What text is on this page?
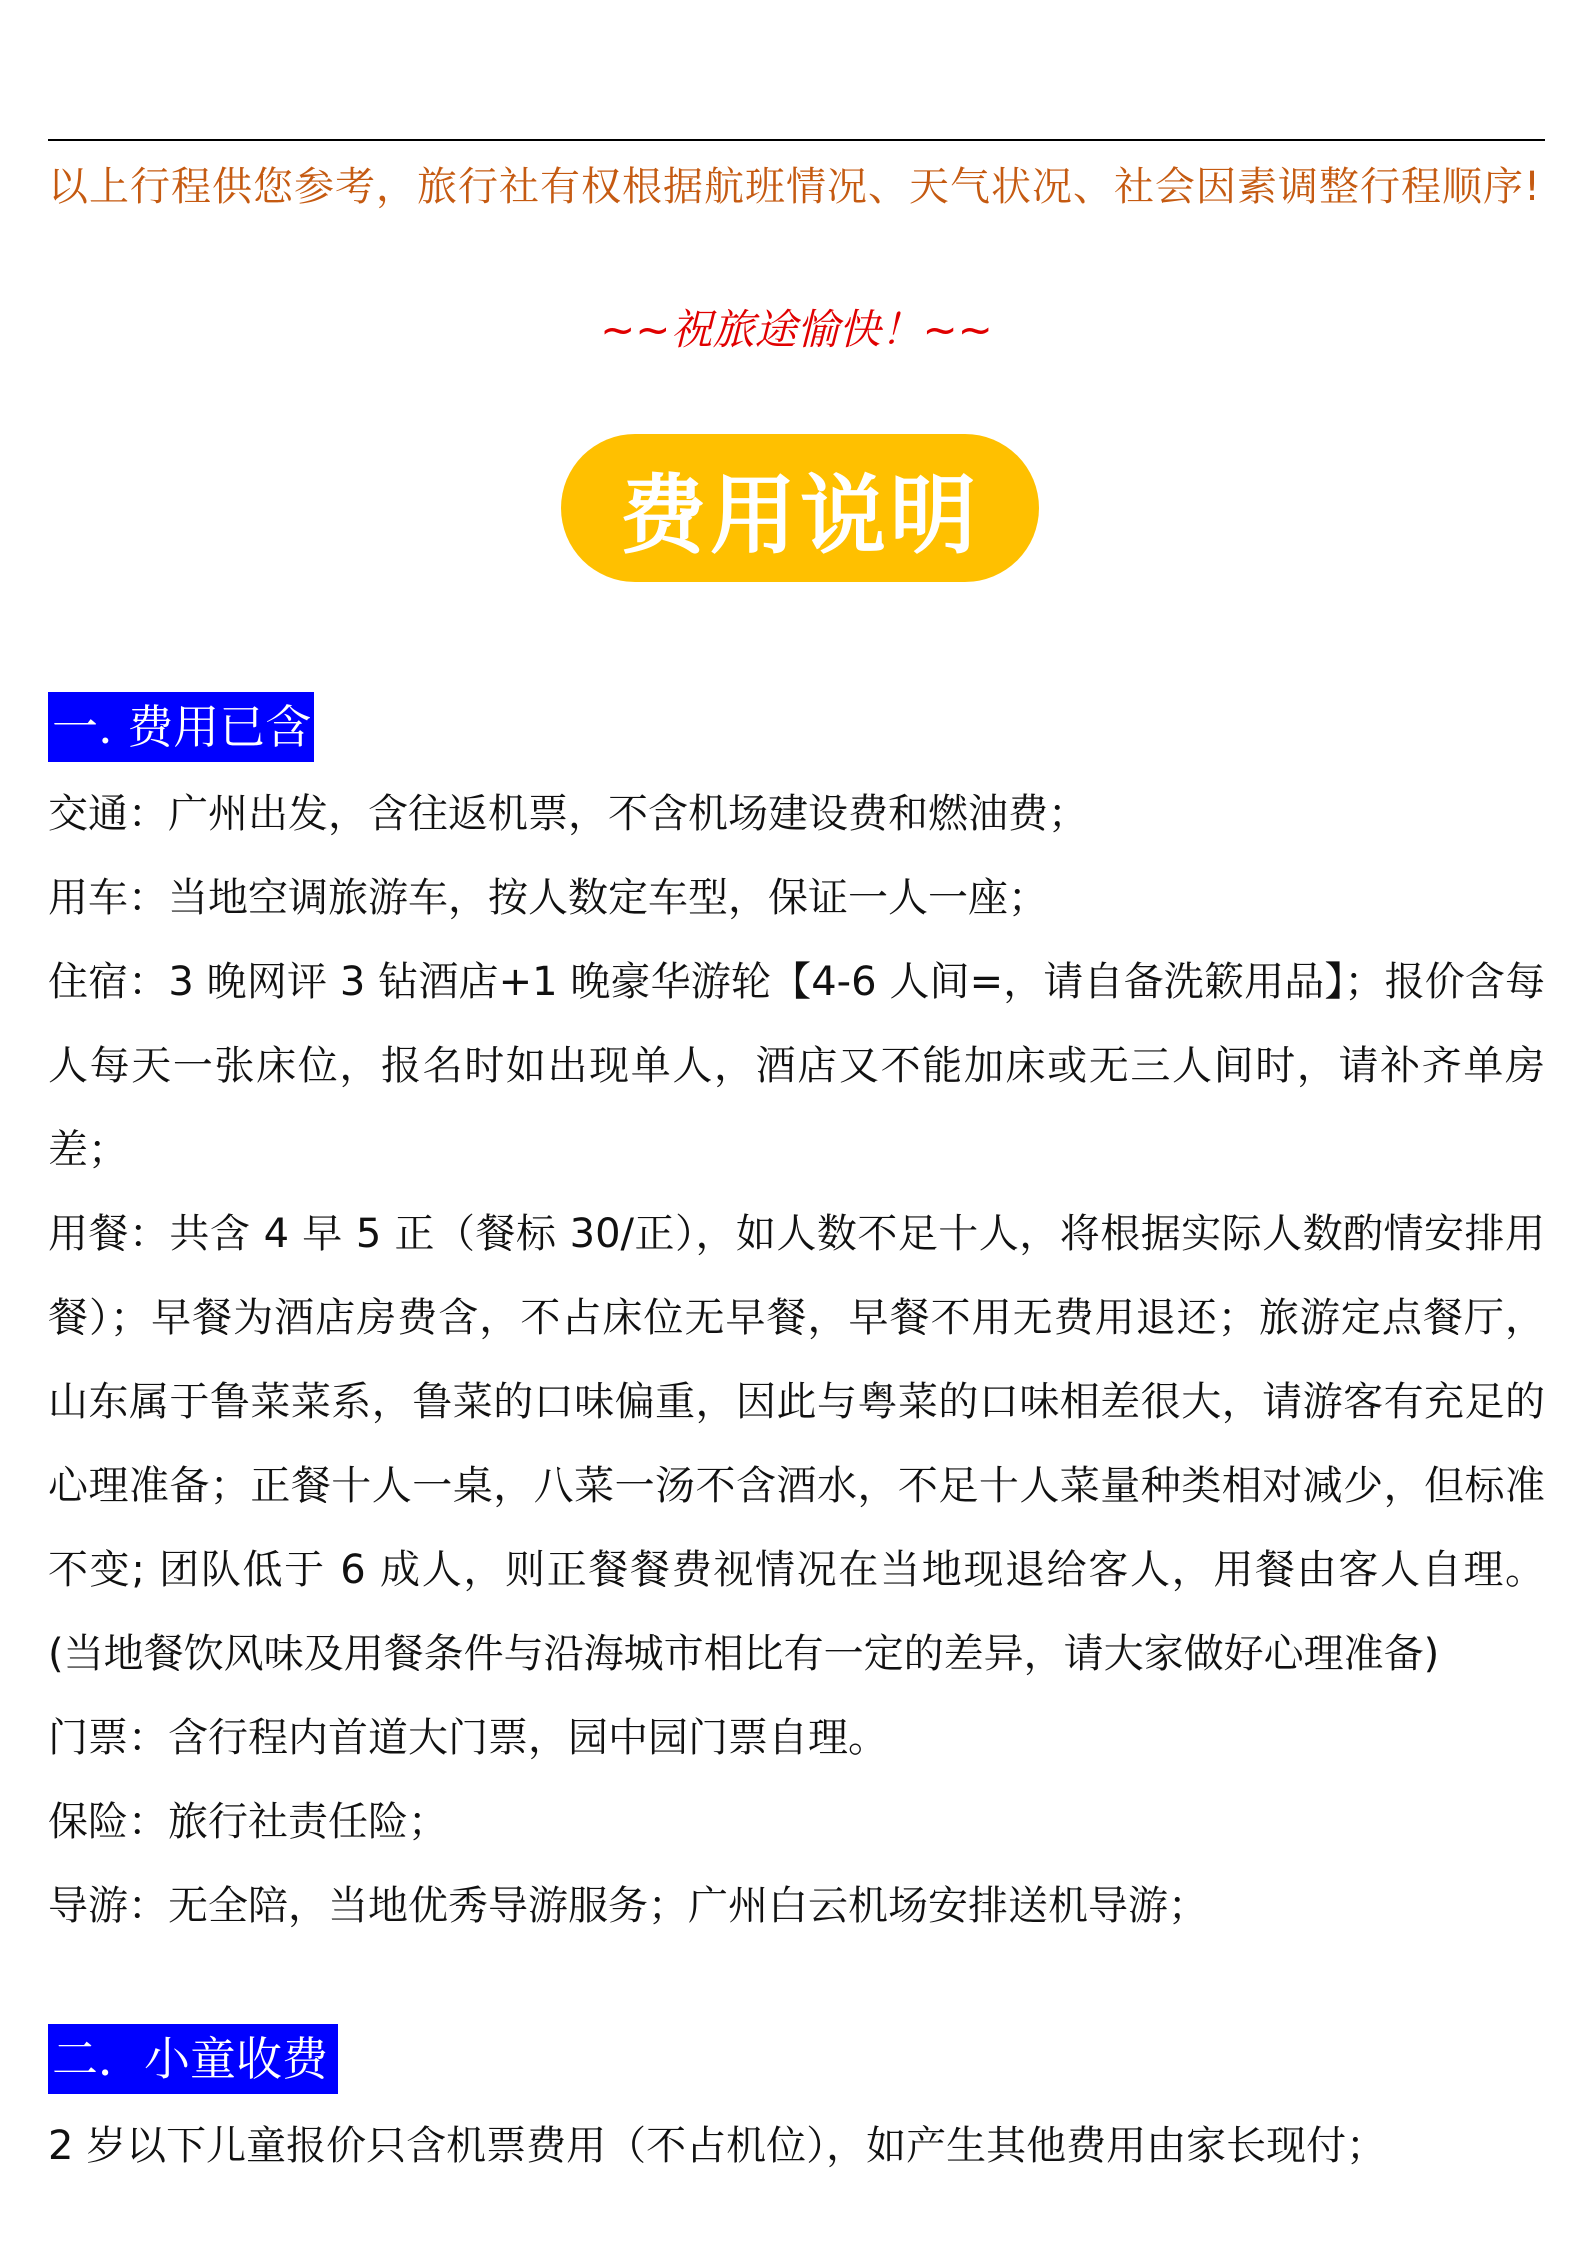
以上行程供您参考，旅行社有权根据航班情况、天气状况、社会因素调整行程顺序!
~~祝旅途愉快！~~
费用说明
一. 费用已含

交通：广州出发，含往返机票，不含机场建设费和燃油费；

用车：当地空调旅游车，按人数定车型，保证一人一座；

住宿：3 晚网评 3 钻酒店+1 晚豪华游轮【4-6 人间=，请自备洗簌用品】；报价含每人每天一张床位，报名时如出现单人，酒店又不能加床或无三人间时，请补齐单房差；

用餐：共含 4 早 5 正（餐标 30/正），如人数不足十人，将根据实际人数酌情安排用餐）；早餐为酒店房费含，不占床位无早餐，早餐不用无费用退还；旅游定点餐厅，山东属于鲁菜菜系，鲁菜的口味偏重，因此与粤菜的口味相差很大，请游客有充足的心理准备；正餐十人一桌，八菜一汤不含酒水，不足十人菜量种类相对减少，但标准不变; 团队低于 6 成人，则正餐餐费视情况在当地现退给客人，用餐由客人自理。 (当地餐饮风味及用餐条件与沿海城市相比有一定的差异，请大家做好心理准备)

门票：含行程内首道大门票，园中园门票自理。

保险：旅行社责任险；

导游：无全陪，当地优秀导游服务；广州白云机场安排送机导游；

二．小童收费

2 岁以下儿童报价只含机票费用（不占机位），如产生其他费用由家长现付；
